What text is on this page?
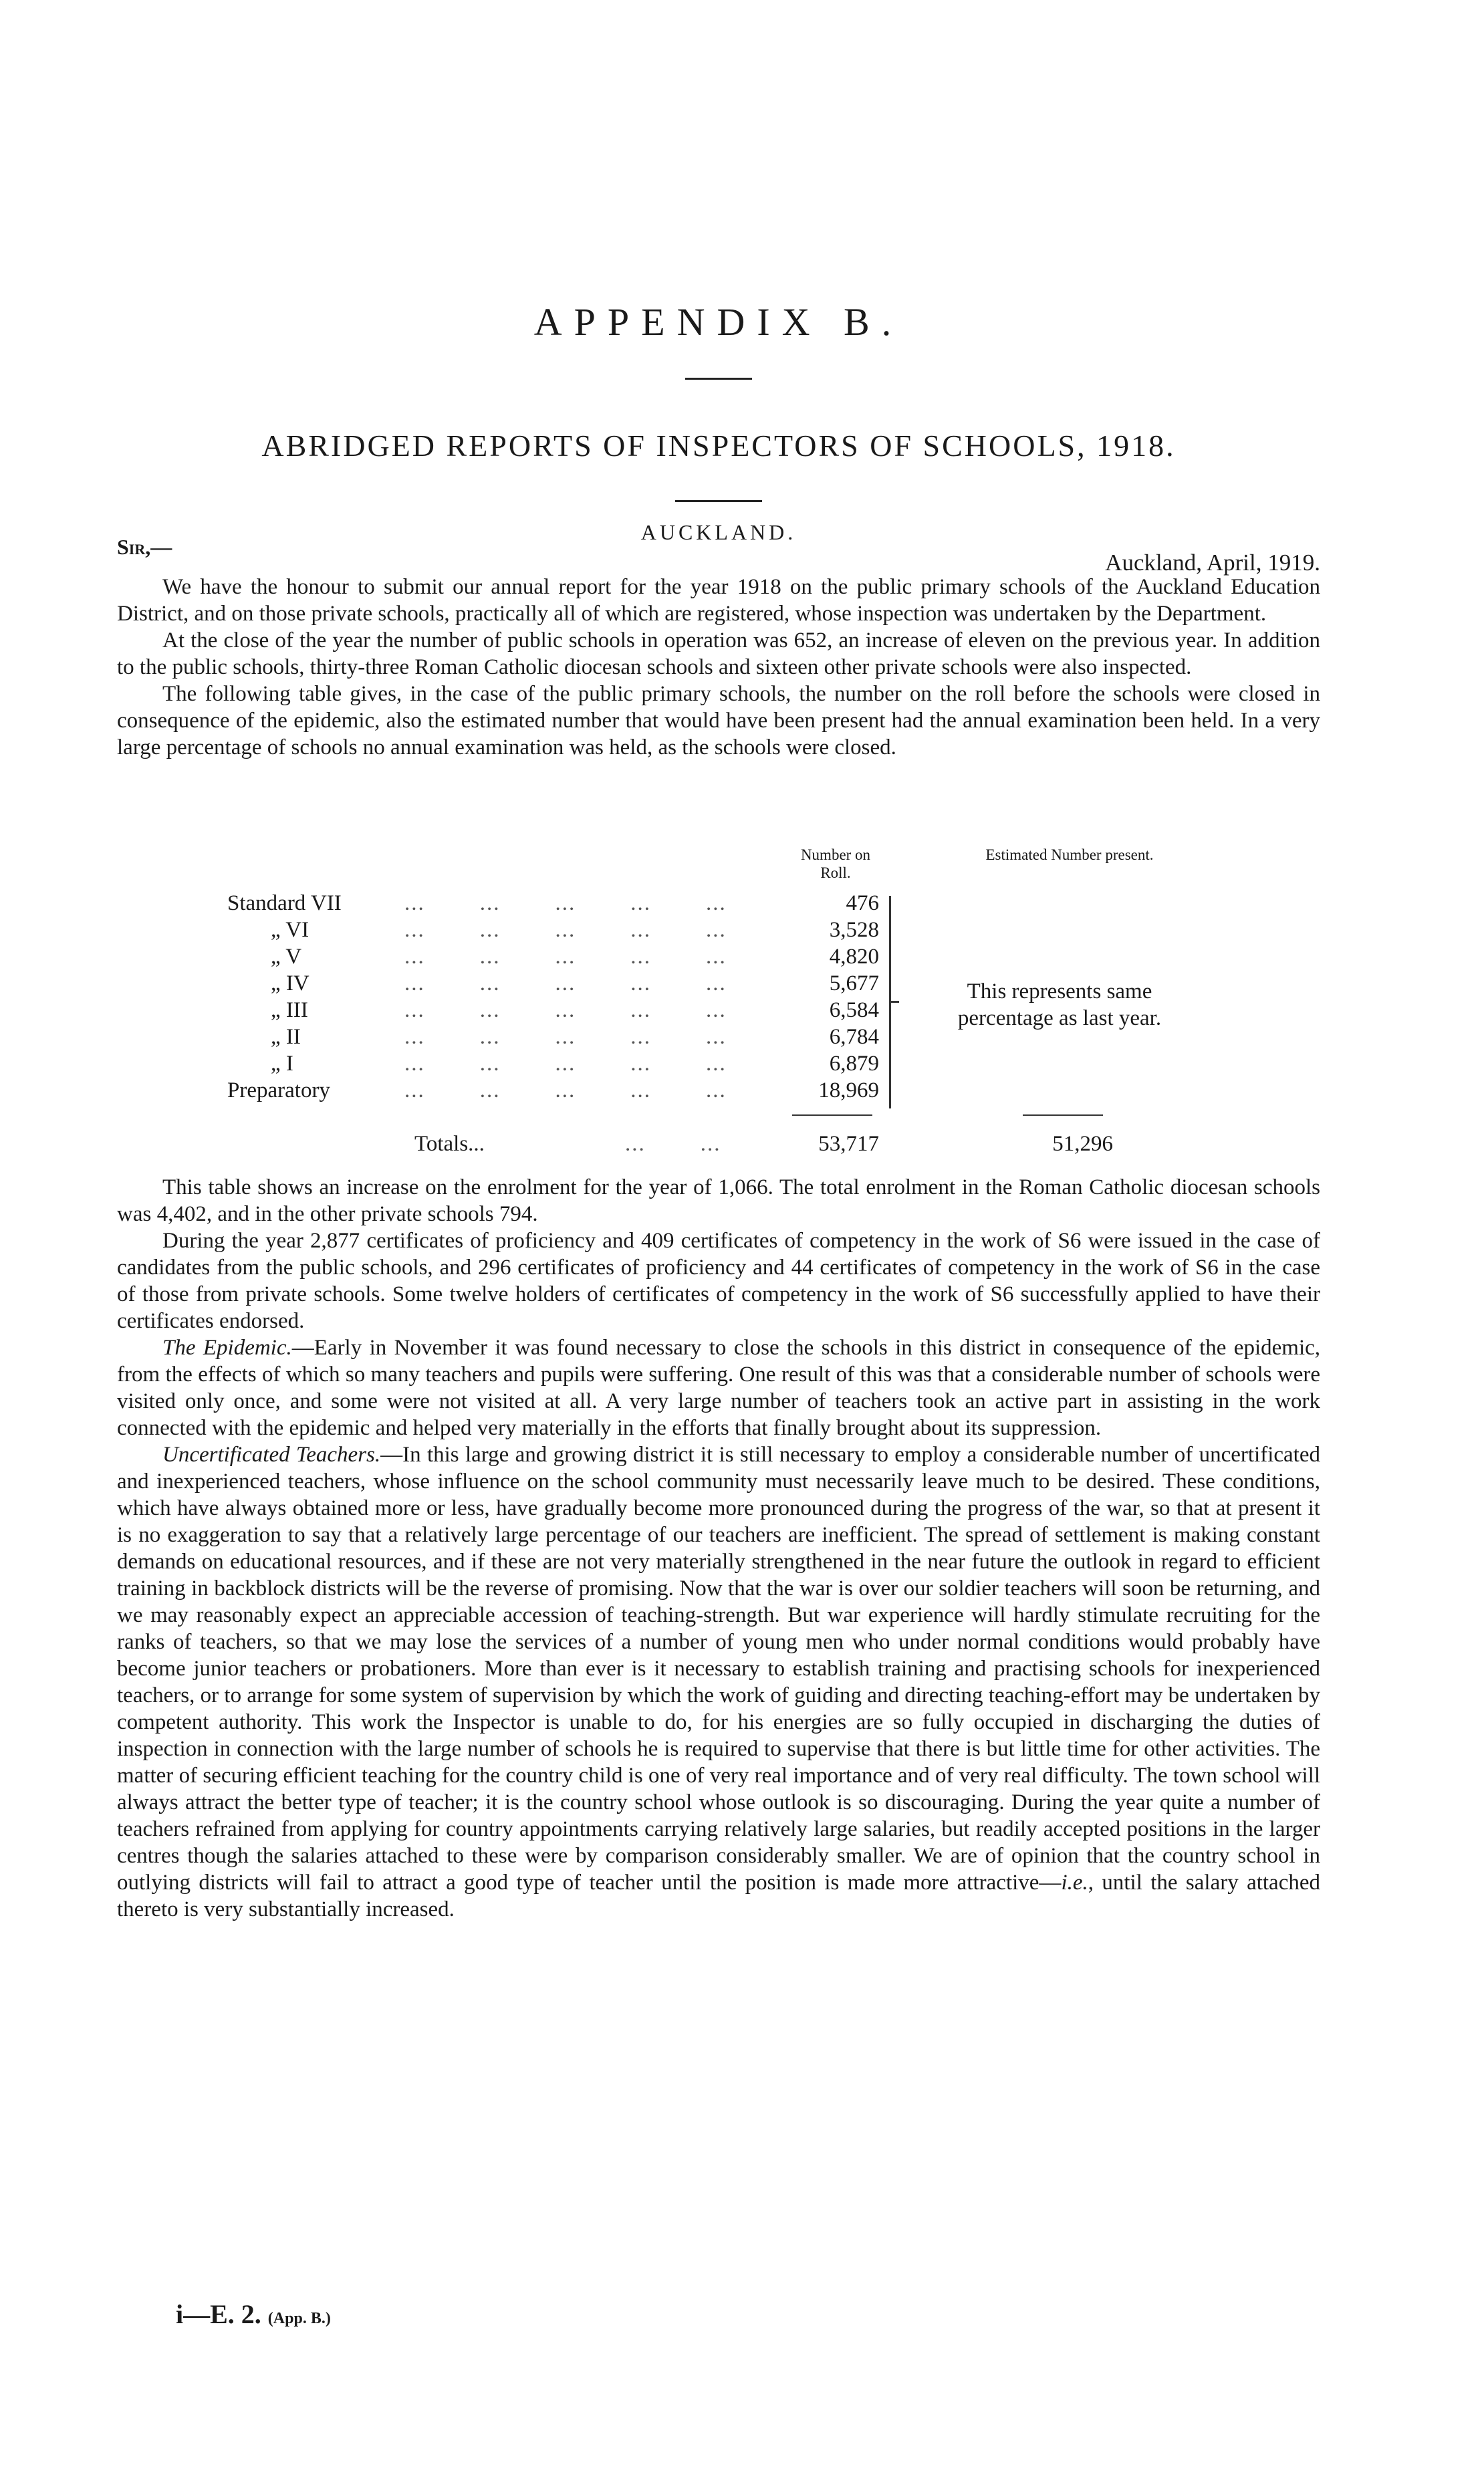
APPENDIX B.
ABRIDGED REPORTS OF INSPECTORS OF SCHOOLS, 1918.
AUCKLAND.
Sir,—
Auckland, April, 1919.

We have the honour to submit our annual report for the year 1918 on the public primary schools of the Auckland Education District, and on those private schools, practically all of which are registered, whose inspection was undertaken by the Department.

At the close of the year the number of public schools in operation was 652, an increase of eleven on the previous year. In addition to the public schools, thirty-three Roman Catholic diocesan schools and sixteen other private schools were also inspected.

The following table gives, in the case of the public primary schools, the number on the roll before the schools were closed in consequence of the epidemic, also the estimated number that would have been present had the annual examination been held. In a very large percentage of schools no annual examination was held, as the schools were closed.

Number on Roll.
Estimated Number present.
Standard VII	...        ...        ...        ...        ...	476
„ VI	...        ...        ...        ...        ...	3,528
„ V	...        ...        ...        ...        ...	4,820
„ IV	...        ...        ...        ...        ...	5,677
„ III	...        ...        ...        ...        ...	6,584
„ II	...        ...        ...        ...        ...	6,784
„ I	...        ...        ...        ...        ...	6,879
Preparatory	...        ...        ...        ...        ...	18,969
This represents same percentage as last year.
Totals...	...        ...	53,717	51,296

This table shows an increase on the enrolment for the year of 1,066. The total enrolment in the Roman Catholic diocesan schools was 4,402, and in the other private schools 794.

During the year 2,877 certificates of proficiency and 409 certificates of competency in the work of S6 were issued in the case of candidates from the public schools, and 296 certificates of proficiency and 44 certificates of competency in the work of S6 in the case of those from private schools. Some twelve holders of certificates of competency in the work of S6 successfully applied to have their certificates endorsed.

The Epidemic.—Early in November it was found necessary to close the schools in this district in consequence of the epidemic, from the effects of which so many teachers and pupils were suffering. One result of this was that a considerable number of schools were visited only once, and some were not visited at all. A very large number of teachers took an active part in assisting in the work connected with the epidemic and helped very materially in the efforts that finally brought about its suppression.

Uncertificated Teachers.—In this large and growing district it is still necessary to employ a considerable number of uncertificated and inexperienced teachers, whose influence on the school community must necessarily leave much to be desired. These conditions, which have always obtained more or less, have gradually become more pronounced during the progress of the war, so that at present it is no exaggeration to say that a relatively large percentage of our teachers are inefficient. The spread of settlement is making constant demands on educational resources, and if these are not very materially strengthened in the near future the outlook in regard to efficient training in backblock districts will be the reverse of promising. Now that the war is over our soldier teachers will soon be returning, and we may reasonably expect an appreciable accession of teaching-strength. But war experience will hardly stimulate recruiting for the ranks of teachers, so that we may lose the services of a number of young men who under normal conditions would probably have become junior teachers or probationers. More than ever is it necessary to establish training and practising schools for inexperienced teachers, or to arrange for some system of supervision by which the work of guiding and directing teaching-effort may be undertaken by competent authority. This work the Inspector is unable to do, for his energies are so fully occupied in discharging the duties of inspection in connection with the large number of schools he is required to supervise that there is but little time for other activities. The matter of securing efficient teaching for the country child is one of very real importance and of very real difficulty. The town school will always attract the better type of teacher; it is the country school whose outlook is so discouraging. During the year quite a number of teachers refrained from applying for country appointments carrying relatively large salaries, but readily accepted positions in the larger centres though the salaries attached to these were by comparison considerably smaller. We are of opinion that the country school in outlying districts will fail to attract a good type of teacher until the position is made more attractive—i.e., until the salary attached thereto is very substantially increased.

i—E. 2. (App. B.)
